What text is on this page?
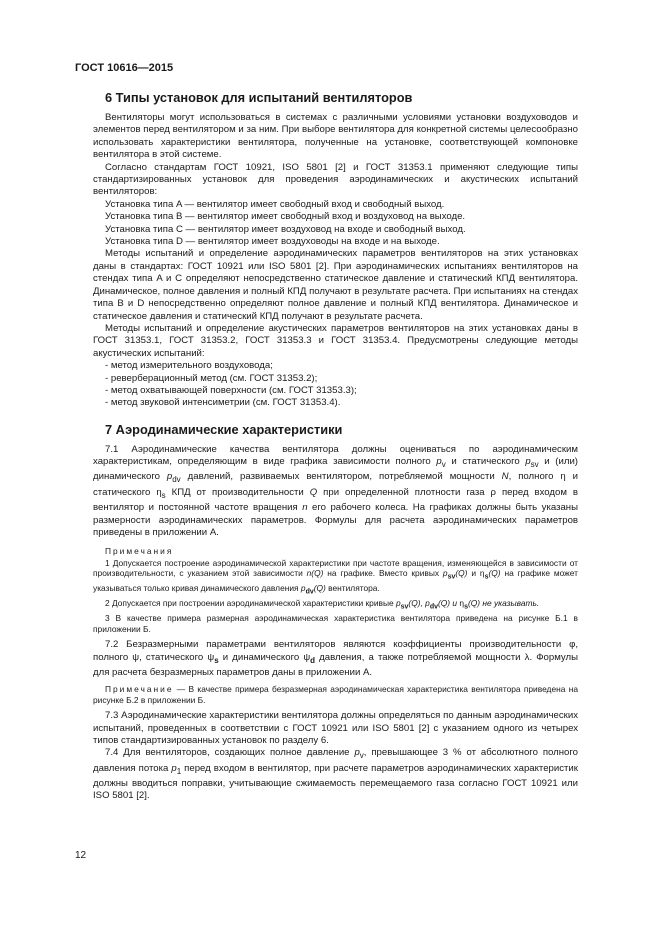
ГОСТ 10616—2015
6 Типы установок для испытаний вентиляторов

Вентиляторы могут использоваться в системах с различными условиями установки воздуховодов и элементов перед вентилятором и за ним. При выборе вентилятора для конкретной системы целесообразно использовать характеристики вентилятора, полученные на установке, соответствующей компоновке вентилятора в этой системе.

Согласно стандартам ГОСТ 10921, ISO 5801 [2] и ГОСТ 31353.1 применяют следующие типы стандартизированных установок для проведения аэродинамических и акустических испытаний вентиляторов:

Установка типа A — вентилятор имеет свободный вход и свободный выход.

Установка типа B — вентилятор имеет свободный вход и воздуховод на выходе.

Установка типа C — вентилятор имеет воздуховод на входе и свободный выход.

Установка типа D — вентилятор имеет воздуховоды на входе и на выходе.

Методы испытаний и определение аэродинамических параметров вентиляторов на этих установках даны в стандартах: ГОСТ 10921 или ISO 5801 [2]. При аэродинамических испытаниях вентиляторов на стендах типа A и C определяют непосредственно статическое давление и статический КПД вентилятора. Динамическое, полное давления и полный КПД получают в результате расчета. При испытаниях на стендах типа B и D непосредственно определяют полное давление и полный КПД вентилятора. Динамическое и статическое давления и статический КПД получают в результате расчета.

Методы испытаний и определение акустических параметров вентиляторов на этих установках даны в ГОСТ 31353.1, ГОСТ 31353.2, ГОСТ 31353.3 и ГОСТ 31353.4. Предусмотрены следующие методы акустических испытаний:

- метод измерительного воздуховода;

- реверберационный метод (см. ГОСТ 31353.2);

- метод охватывающей поверхности (см. ГОСТ 31353.3);

- метод звуковой интенсиметрии (см. ГОСТ 31353.4).

7 Аэродинамические характеристики

7.1 Аэродинамические качества вентилятора должны оцениваться по аэродинамическим характеристикам, определяющим в виде графика зависимости полного $p_v$ и статического $p_{sv}$ и (или) динамического $p_{dv}$ давлений, развиваемых вентилятором, потребляемой мощности N, полного η и статического $\eta_s$ КПД от производительности Q при определенной плотности газа ρ перед входом в вентилятор и постоянной частоте вращения n его рабочего колеса. На графиках должны быть указаны размерности аэродинамических параметров. Формулы для расчета аэродинамических параметров приведены в приложении А.

Примечания

1 Допускается построение аэродинамической характеристики при частоте вращения, изменяющейся в зависимости от производительности, с указанием этой зависимости n(Q) на графике. Вместо кривых $p_{sv}(Q)$ и $\eta_s(Q)$ на графике может указываться только кривая динамического давления $p_{dv}(Q)$ вентилятора.

2 Допускается при построении аэродинамической характеристики кривые $p_{sv}(Q)$, $p_{dv}(Q)$ и $\eta_s(Q)$ не указывать.

3 В качестве примера размерная аэродинамическая характеристика вентилятора приведена на рисунке Б.1 в приложении Б.

7.2 Безразмерными параметрами вентиляторов являются коэффициенты производительности φ, полного ψ, статического $\psi_s$ и динамического $\psi_d$ давления, а также потребляемой мощности λ. Формулы для расчета безразмерных параметров даны в приложении А.

Примечание — В качестве примера безразмерная аэродинамическая характеристика вентилятора приведена на рисунке Б.2 в приложении Б.

7.3 Аэродинамические характеристики вентилятора должны определяться по данным аэродинамических испытаний, проведенных в соответствии с ГОСТ 10921 или ISO 5801 [2] с указанием одного из четырех типов стандартизированных установок по разделу 6.

7.4 Для вентиляторов, создающих полное давление $p_v$, превышающее 3 % от абсолютного полного давления потока $p_1$ перед входом в вентилятор, при расчете параметров аэродинамических характеристик должны вводиться поправки, учитывающие сжимаемость перемещаемого газа согласно ГОСТ 10921 или ISO 5801 [2].

12
